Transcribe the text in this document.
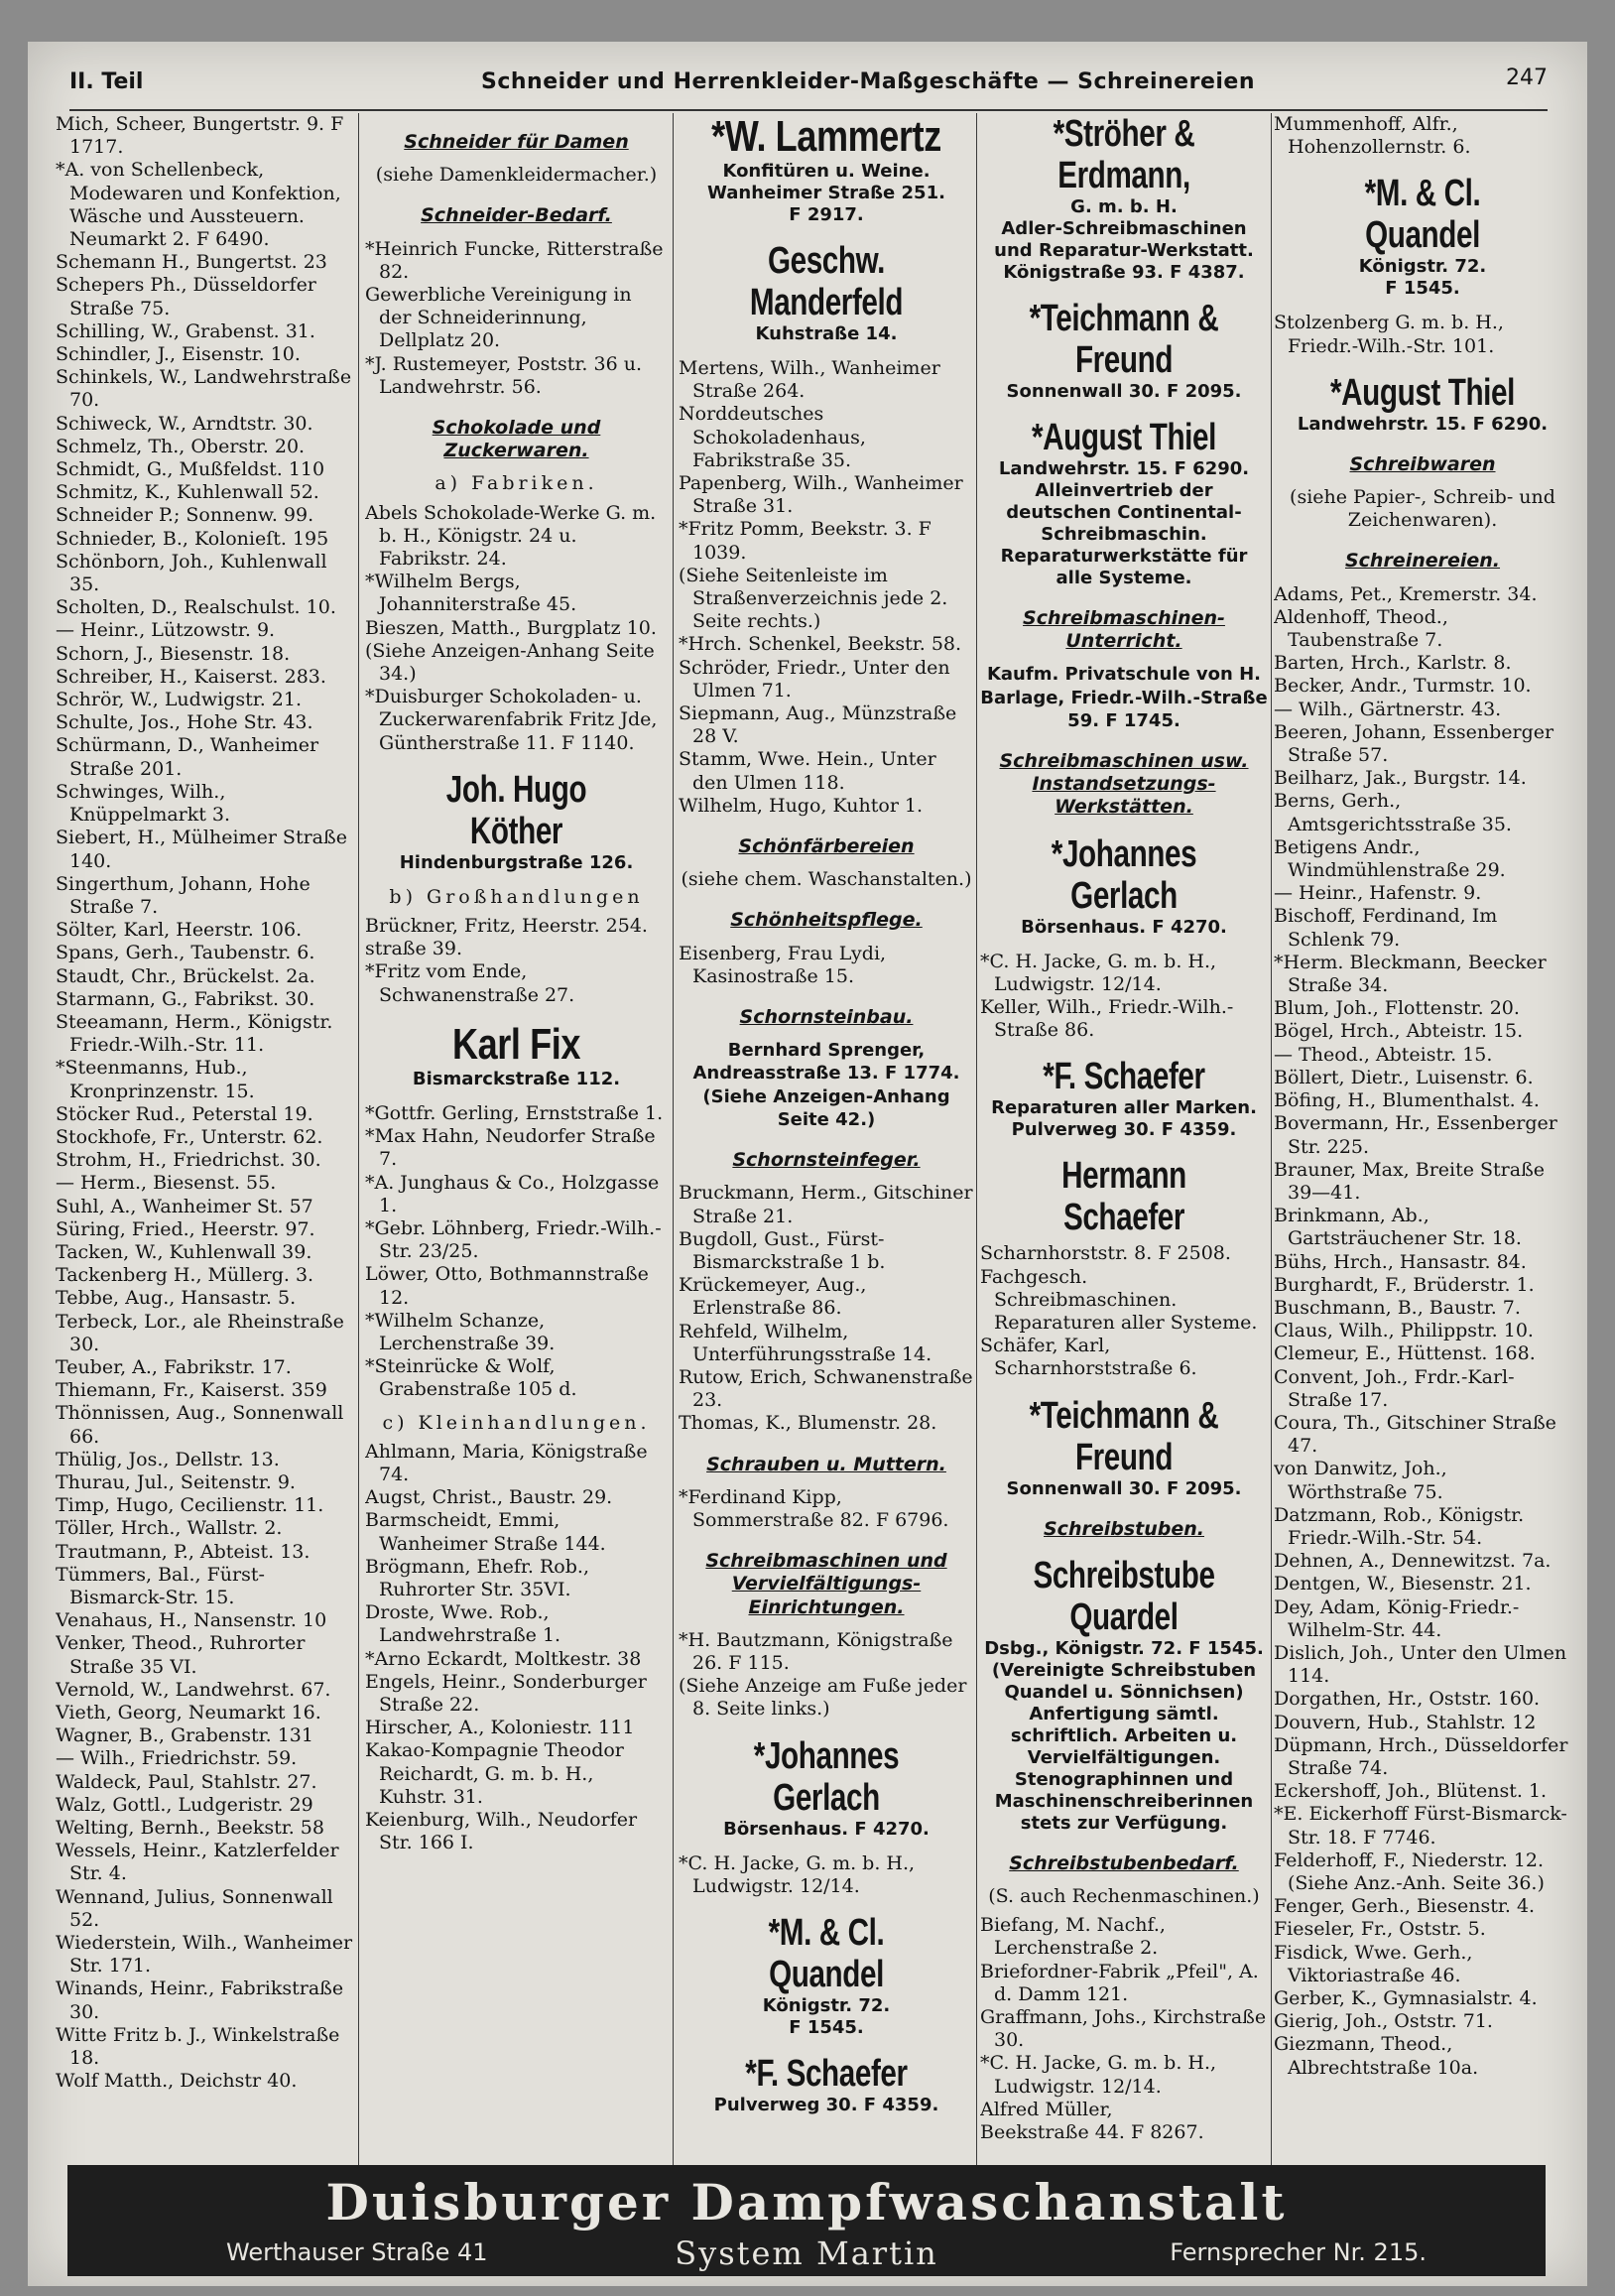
II. Teil	Schneider und Herrenkleider-Maßgeschäfte — Schreinereien	247

Mich, Scheer, Bungertstr. 9. F 1717.

*A. von Schellenbeck, Modewaren und Konfektion, Wäsche und Aussteuern. Neumarkt 2. F 6490.

Schemann H., Bungertst. 23

Schepers Ph., Düsseldorfer Straße 75.

Schilling, W., Grabenst. 31.

Schindler, J., Eisenstr. 10.

Schinkels, W., Landwehrstraße 70.

Schiweck, W., Arndtstr. 30.

Schmelz, Th., Oberstr. 20.

Schmidt, G., Mußfeldst. 110

Schmitz, K., Kuhlenwall 52.

Schneider P.; Sonnenw. 99.

Schnieder, B., Kolonieſt. 195

Schönborn, Joh., Kuhlenwall 35.

Scholten, D., Realschulst. 10.

— Heinr., Lützowstr. 9.

Schorn, J., Biesenstr. 18.

Schreiber, H., Kaiserst. 283.

Schrör, W., Ludwigstr. 21.

Schulte, Jos., Hohe Str. 43.

Schürmann, D., Wanheimer Straße 201.

Schwinges, Wilh., Knüppelmarkt 3.

Siebert, H., Mülheimer Straße 140.

Singerthum, Johann, Hohe Straße 7.

Sölter, Karl, Heerstr. 106.

Spans, Gerh., Taubenstr. 6.

Staudt, Chr., Brückelst. 2a.

Starmann, G., Fabrikst. 30.

Steeamann, Herm., Königstr. Friedr.-Wilh.-Str. 11.

*Steenmanns, Hub., Kronprinzenstr. 15.

Stöcker Rud., Peterstal 19.

Stockhofe, Fr., Unterstr. 62.

Strohm, H., Friedrichst. 30.

— Herm., Biesenst. 55.

Suhl, A., Wanheimer St. 57

Süring, Fried., Heerstr. 97.

Tacken, W., Kuhlenwall 39.

Tackenberg H., Müllerg. 3.

Tebbe, Aug., Hansastr. 5.

Terbeck, Lor., ale Rheinstraße 30.

Teuber, A., Fabrikstr. 17.

Thiemann, Fr., Kaiserst. 359

Thönnissen, Aug., Sonnenwall 66.

Thülig, Jos., Dellstr. 13.

Thurau, Jul., Seitenstr. 9.

Timp, Hugo, Cecilienstr. 11.

Töller, Hrch., Wallstr. 2.

Trautmann, P., Abteist. 13.

Tümmers, Bal., Fürst-Bismarck-Str. 15.

Venahaus, H., Nansenstr. 10

Venker, Theod., Ruhrorter Straße 35 VI.

Vernold, W., Landwehrst. 67.

Vieth, Georg, Neumarkt 16.

Wagner, B., Grabenstr. 131

— Wilh., Friedrichstr. 59.

Waldeck, Paul, Stahlstr. 27.

Walz, Gottl., Ludgeristr. 29

Welting, Bernh., Beekstr. 58

Wessels, Heinr., Katzlerfelder Str. 4.

Wennand, Julius, Sonnenwall 52.

Wiederstein, Wilh., Wanheimer Str. 171.

Winands, Heinr., Fabrikstraße 30.

Witte Fritz b. J., Winkelstraße 18.

Wolf Matth., Deichstr 40.

Schneider für Damen

(siehe Damenkleidermacher.)

Schneider-Bedarf.

*Heinrich Funcke, Ritterstraße 82.

Gewerbliche Vereinigung in der Schneiderinnung, Dellplatz 20.

*J. Rustemeyer, Poststr. 36 u. Landwehrstr. 56.

Schokolade und Zuckerwaren.

a) Fabriken.

Abels Schokolade-Werke G. m. b. H., Königstr. 24 u. Fabrikstr. 24.

*Wilhelm Bergs, Johanniterstraße 45.

Bieszen, Matth., Burgplatz 10.

(Siehe Anzeigen-Anhang Seite 34.)

*Duisburger Schokoladen- u. Zuckerwarenfabrik Fritz Jde, Güntherstraße 11. F 1140.

Joh. Hugo Köther
Hindenburgstraße 126.

b) Großhandlungen

Brückner, Fritz, Heerstr. 254.

straße 39.

*Fritz vom Ende, Schwanenstraße 27.

Karl Fix
Bismarckstraße 112.

*Gottfr. Gerling, Ernststraße 1.

*Max Hahn, Neudorfer Straße 7.

*A. Junghaus & Co., Holzgasse 1.

*Gebr. Löhnberg, Friedr.-Wilh.-Str. 23/25.

Löwer, Otto, Bothmannstraße 12.

*Wilhelm Schanze, Lerchenstraße 39.

*Steinrücke & Wolf, Grabenstraße 105 d.

c) Kleinhandlungen.

Ahlmann, Maria, Königstraße 74.

Augst, Christ., Baustr. 29.

Barmscheidt, Emmi, Wanheimer Straße 144.

Brögmann, Ehefr. Rob., Ruhrorter Str. 35VI.

Droste, Wwe. Rob., Landwehrstraße 1.

*Arno Eckardt, Moltkestr. 38

Engels, Heinr., Sonderburger Straße 22.

Hirscher, A., Koloniestr. 111

Kakao-Kompagnie Theodor Reichardt, G. m. b. H., Kuhstr. 31.

Keienburg, Wilh., Neudorfer Str. 166 I.

*W. Lammertz
Konfitüren u. Weine.
Wanheimer Straße 251.
F 2917.
Geschw. Manderfeld
Kuhstraße 14.

Mertens, Wilh., Wanheimer Straße 264.

Norddeutsches Schokoladenhaus, Fabrikstraße 35.

Papenberg, Wilh., Wanheimer Straße 31.

*Fritz Pomm, Beekstr. 3. F 1039.

(Siehe Seitenleiste im Straßenverzeichnis jede 2. Seite rechts.)

*Hrch. Schenkel, Beekstr. 58.

Schröder, Friedr., Unter den Ulmen 71.

Siepmann, Aug., Münzstraße 28 V.

Stamm, Wwe. Hein., Unter den Ulmen 118.

Wilhelm, Hugo, Kuhtor 1.

Schönfärbereien

(siehe chem. Waschanstalten.)

Schönheitspflege.

Eisenberg, Frau Lydi, Kasinostraße 15.

Schornsteinbau.
Bernhard Sprenger,
Andreasstraße 13. F 1774.
(Siehe Anzeigen-Anhang Seite 42.)
Schornsteinfeger.

Bruckmann, Herm., Gitschiner Straße 21.

Bugdoll, Gust., Fürst-Bismarckstraße 1 b.

Krückemeyer, Aug., Erlenstraße 86.

Rehfeld, Wilhelm, Unterführungsstraße 14.

Rutow, Erich, Schwanenstraße 23.

Thomas, K., Blumenstr. 28.

Schrauben u. Muttern.

*Ferdinand Kipp, Sommerstraße 82. F 6796.

Schreibmaschinen und Vervielfältigungs-Einrichtungen.

*H. Bautzmann, Königstraße 26. F 115.

(Siehe Anzeige am Fuße jeder 8. Seite links.)

*Johannes Gerlach
Börsenhaus. F 4270.

*C. H. Jacke, G. m. b. H., Ludwigstr. 12/14.

*M. & Cl. Quandel
Königstr. 72.
F 1545.
*F. Schaefer
Pulverweg 30. F 4359.
*Ströher & Erdmann,
G. m. b. H.
Adler-Schreibmaschinen und Reparatur-Werkstatt.
Königstraße 93. F 4387.
*Teichmann & Freund
Sonnenwall 30. F 2095.
*August Thiel
Landwehrstr. 15. F 6290.
Alleinvertrieb der deutschen Continental-Schreibmaschin. Reparaturwerkstätte für alle Systeme.
Schreibmaschinen-Unterricht.
Kaufm. Privatschule von H. Barlage, Friedr.-Wilh.-Straße 59. F 1745.
Schreibmaschinen usw. Instandsetzungs-Werkstätten.
*Johannes Gerlach
Börsenhaus. F 4270.

*C. H. Jacke, G. m. b. H., Ludwigstr. 12/14.

Keller, Wilh., Friedr.-Wilh.-Straße 86.

*F. Schaefer
Reparaturen aller Marken.
Pulverweg 30. F 4359.
Hermann Schaefer

Scharnhorststr. 8. F 2508.

Fachgesch. Schreibmaschinen. Reparaturen aller Systeme.

Schäfer, Karl, Scharnhorststraße 6.

*Teichmann & Freund
Sonnenwall 30. F 2095.
Schreibstuben.
Schreibstube Quardel
Dsbg., Königstr. 72. F 1545.
(Vereinigte Schreibstuben Quandel u. Sönnichsen) Anfertigung sämtl. schriftlich. Arbeiten u. Vervielfältigungen. Stenographinnen und Maschinenschreiberinnen stets zur Verfügung.
Schreibstubenbedarf.

(S. auch Rechenmaschinen.)

Biefang, M. Nachf., Lerchenstraße 2.

Briefordner-Fabrik „Pfeil", A. d. Damm 121.

Graffmann, Johs., Kirchstraße 30.

*C. H. Jacke, G. m. b. H., Ludwigstr. 12/14.

Alfred Müller,

Beekstraße 44. F 8267.

Mummenhoff, Alfr., Hohenzollernstr. 6.

*M. & Cl. Quandel
Königstr. 72.
F 1545.

Stolzenberg G. m. b. H., Friedr.-Wilh.-Str. 101.

*August Thiel
Landwehrstr. 15. F 6290.
Schreibwaren

(siehe Papier-, Schreib- und Zeichenwaren).

Schreinereien.

Adams, Pet., Kremerstr. 34.

Aldenhoff, Theod., Taubenstraße 7.

Barten, Hrch., Karlstr. 8.

Becker, Andr., Turmstr. 10.

— Wilh., Gärtnerstr. 43.

Beeren, Johann, Essenberger Straße 57.

Beilharz, Jak., Burgstr. 14.

Berns, Gerh., Amtsgerichtsstraße 35.

Betigens Andr., Windmühlenstraße 29.

— Heinr., Hafenstr. 9.

Bischoff, Ferdinand, Im Schlenk 79.

*Herm. Bleckmann, Beecker Straße 34.

Blum, Joh., Flottenstr. 20.

Bögel, Hrch., Abteistr. 15.

— Theod., Abteistr. 15.

Böllert, Dietr., Luisenstr. 6.

Böfing, H., Blumenthalst. 4.

Bovermann, Hr., Essenberger Str. 225.

Brauner, Max, Breite Straße 39—41.

Brinkmann, Ab., Gartsträuchener Str. 18.

Bühs, Hrch., Hansastr. 84.

Burghardt, F., Brüderstr. 1.

Buschmann, B., Baustr. 7.

Claus, Wilh., Philippstr. 10.

Clemeur, E., Hüttenst. 168.

Convent, Joh., Frdr.-Karl-Straße 17.

Coura, Th., Gitschiner Straße 47.

von Danwitz, Joh., Wörthstraße 75.

Datzmann, Rob., Königstr. Friedr.-Wilh.-Str. 54.

Dehnen, A., Dennewitzst. 7a.

Dentgen, W., Biesenstr. 21.

Dey, Adam, König-Friedr.-Wilhelm-Str. 44.

Dislich, Joh., Unter den Ulmen 114.

Dorgathen, Hr., Oststr. 160.

Douvern, Hub., Stahlstr. 12

Düpmann, Hrch., Düsseldorfer Straße 74.

Eckershoff, Joh., Blütenst. 1.

*E. Eickerhoff Fürst-Bismarck-Str. 18. F 7746.

Felderhoff, F., Niederstr. 12. (Siehe Anz.-Anh. Seite 36.)

Fenger, Gerh., Biesenstr. 4.

Fieseler, Fr., Oststr. 5.

Fisdick, Wwe. Gerh., Viktoriastraße 46.

Gerber, K., Gymnasialstr. 4.

Gierig, Joh., Oststr. 71.

Giezmann, Theod., Albrechtstraße 10a.

Duisburger Dampfwaschanstalt
Werthauser Straße 41	System Martin	Fernsprecher Nr. 215.
